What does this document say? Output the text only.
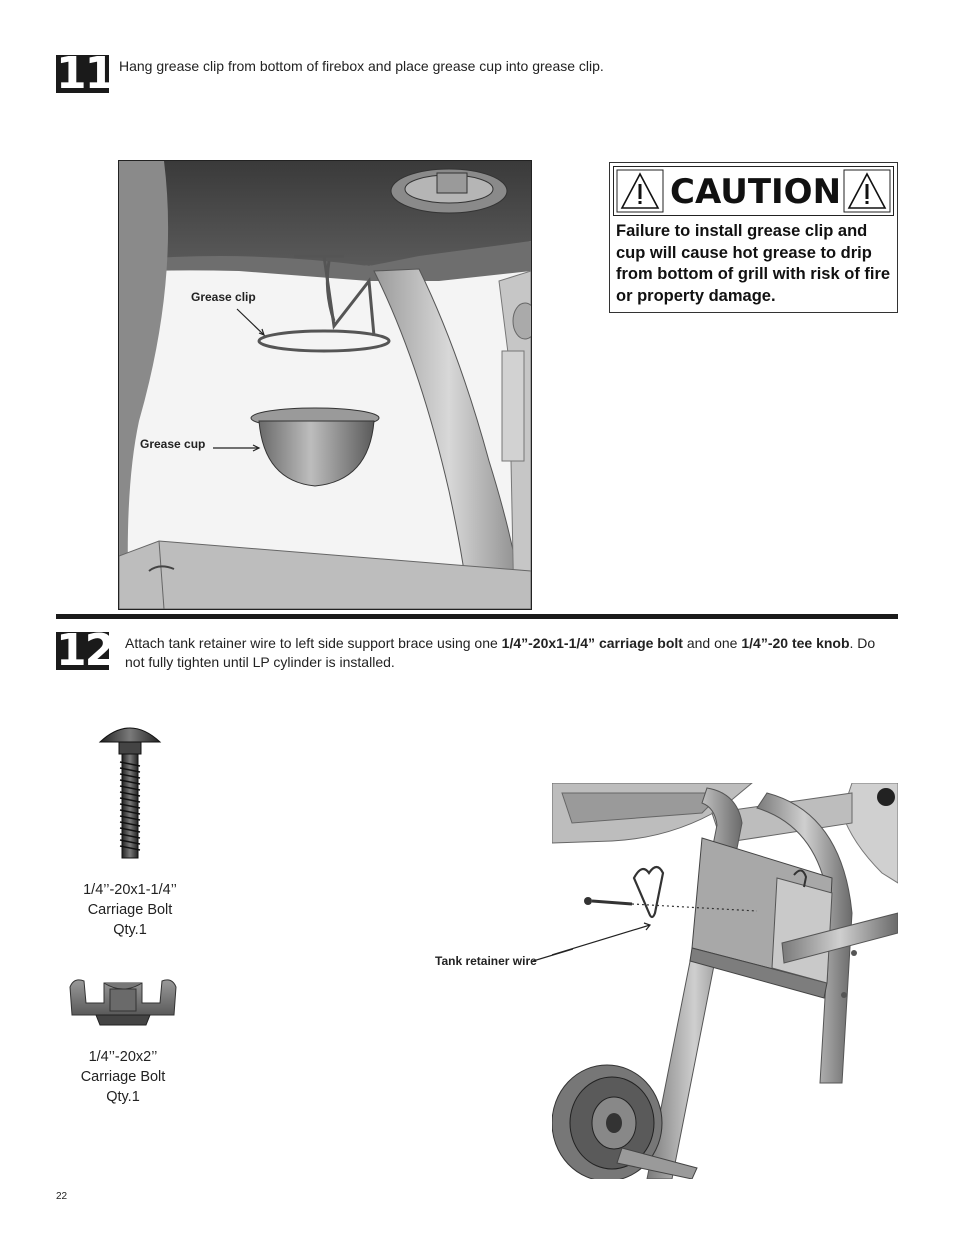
11 Hang grease clip from bottom of firebox and place grease cup into grease clip.
Grease clip
Grease cup
CAUTION
Failure to install grease clip and cup will cause hot grease to drip from bottom of grill with risk of fire or property damage.
12 Attach tank retainer wire to left side support brace using one 1/4”-20x1-1/4” carriage bolt and one 1/4”-20 tee knob. Do not fully tighten until LP cylinder is installed.
1/4’’-20x1-1/4’’
Carriage Bolt
Qty.1
1/4’’-20x2’’
Carriage Bolt
Qty.1
Tank retainer wire
22
